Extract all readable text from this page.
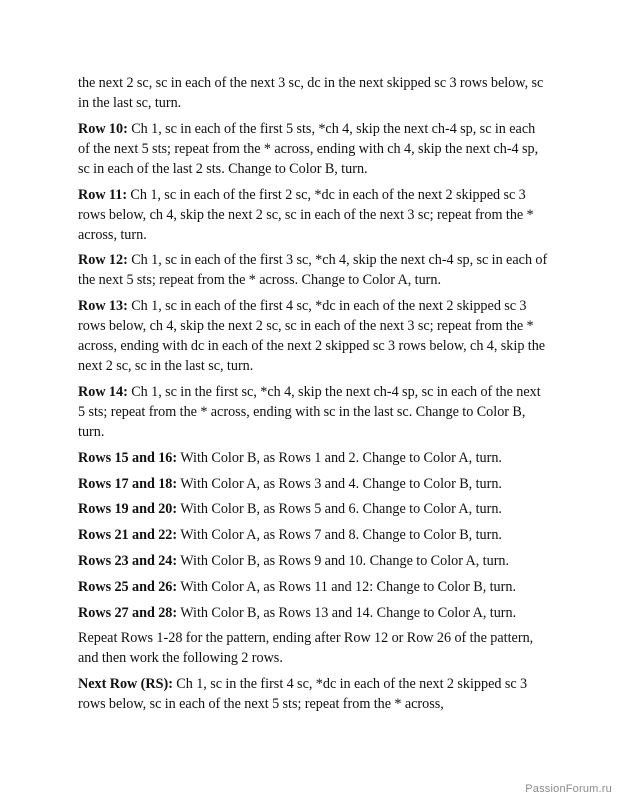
the next 2 sc, sc in each of the next 3 sc, dc in the next skipped sc 3 rows below, sc in the last sc, turn.

Row 10: Ch 1, sc in each of the first 5 sts, *ch 4, skip the next ch-4 sp, sc in each of the next 5 sts; repeat from the * across, ending with ch 4, skip the next ch-4 sp, sc in each of the last 2 sts. Change to Color B, turn.

Row 11: Ch 1, sc in each of the first 2 sc, *dc in each of the next 2 skipped sc 3 rows below, ch 4, skip the next 2 sc, sc in each of the next 3 sc; repeat from the * across, turn.

Row 12: Ch 1, sc in each of the first 3 sc, *ch 4, skip the next ch-4 sp, sc in each of the next 5 sts; repeat from the * across. Change to Color A, turn.

Row 13: Ch 1, sc in each of the first 4 sc, *dc in each of the next 2 skipped sc 3 rows below, ch 4, skip the next 2 sc, sc in each of the next 3 sc; repeat from the * across, ending with dc in each of the next 2 skipped sc 3 rows below, ch 4, skip the next 2 sc, sc in the last sc, turn.

Row 14: Ch 1, sc in the first sc, *ch 4, skip the next ch-4 sp, sc in each of the next 5 sts; repeat from the * across, ending with sc in the last sc. Change to Color B, turn.

Rows 15 and 16: With Color B, as Rows 1 and 2. Change to Color A, turn.

Rows 17 and 18: With Color A, as Rows 3 and 4. Change to Color B, turn.

Rows 19 and 20: With Color B, as Rows 5 and 6. Change to Color A, turn.

Rows 21 and 22: With Color A, as Rows 7 and 8. Change to Color B, turn.

Rows 23 and 24: With Color B, as Rows 9 and 10. Change to Color A, turn.

Rows 25 and 26: With Color A, as Rows 11 and 12: Change to Color B, turn.

Rows 27 and 28: With Color B, as Rows 13 and 14. Change to Color A, turn.

Repeat Rows 1-28 for the pattern, ending after Row 12 or Row 26 of the pattern, and then work the following 2 rows.

Next Row (RS): Ch 1, sc in the first 4 sc, *dc in each of the next 2 skipped sc 3 rows below, sc in each of the next 5 sts; repeat from the * across,

PassionForum.ru
